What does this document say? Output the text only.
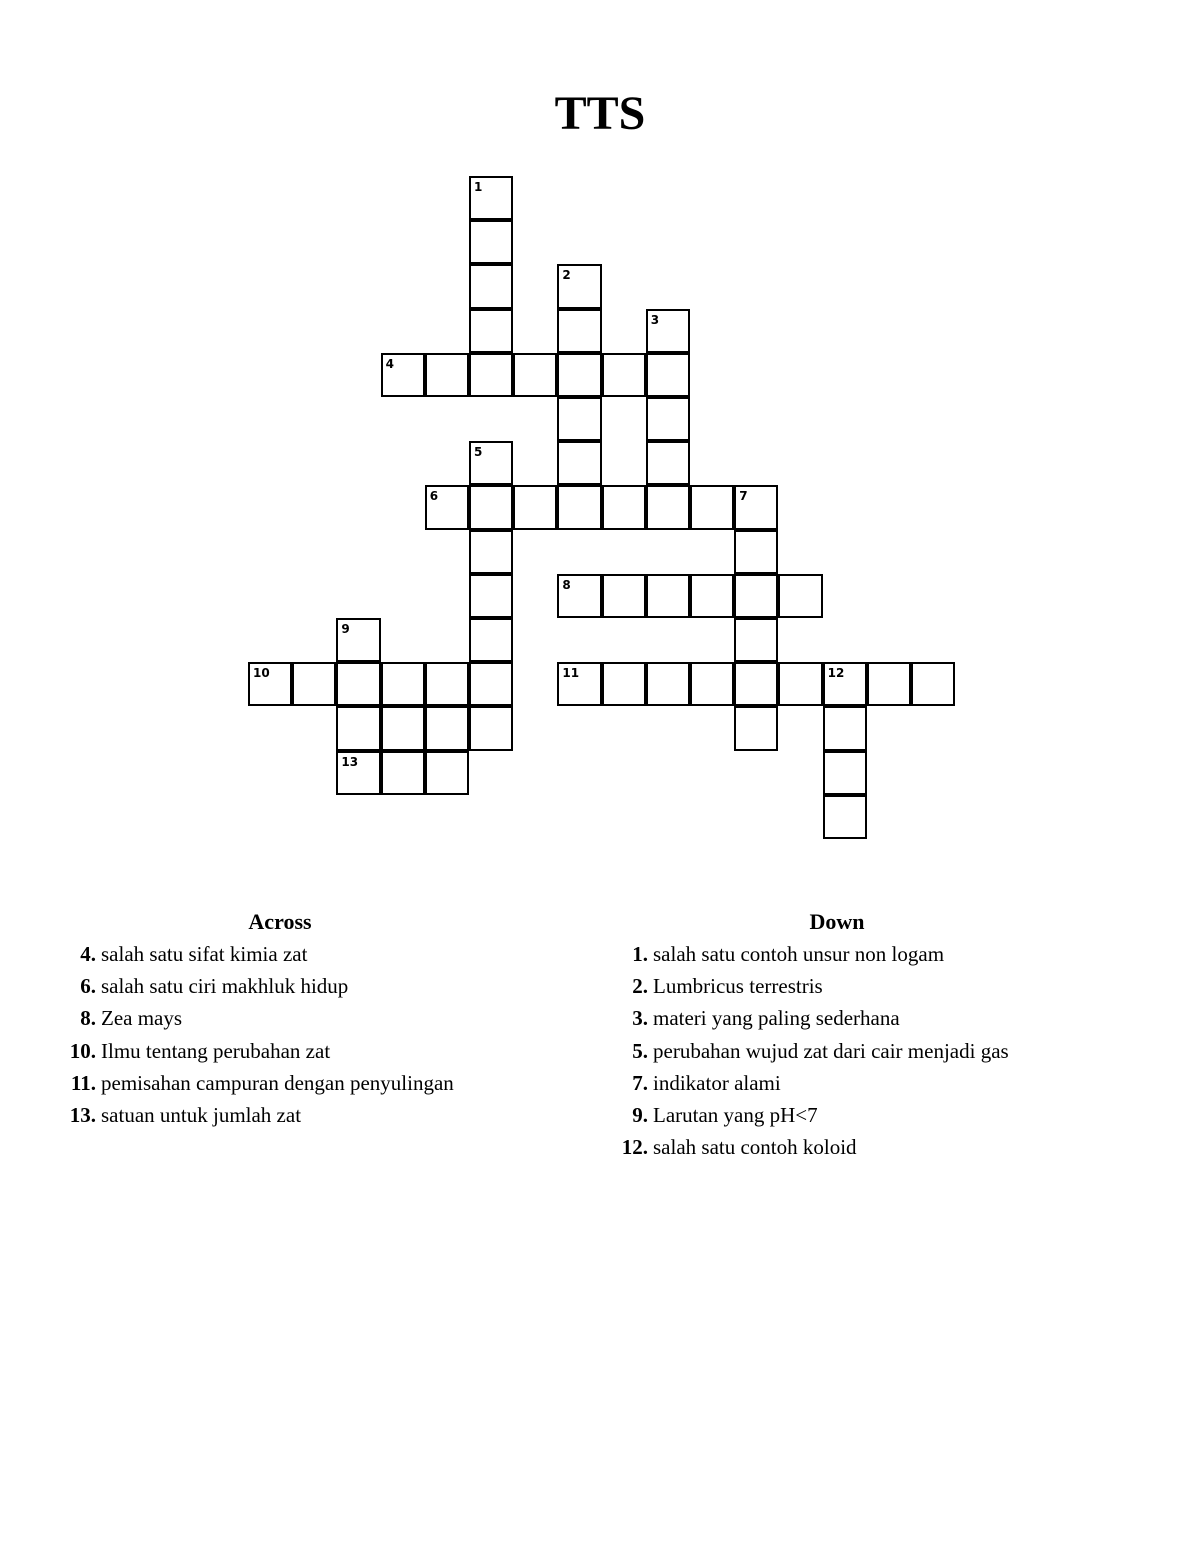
TTS
1
2
3
4
5
6	7
8
9
10	11	12
13
Across
4. salah satu sifat kimia zat
6. salah satu ciri makhluk hidup
8. Zea mays
10. Ilmu tentang perubahan zat
11. pemisahan campuran dengan penyulingan
13. satuan untuk jumlah zat
Down
1. salah satu contoh unsur non logam
2. Lumbricus terrestris
3. materi yang paling sederhana
5. perubahan wujud zat dari cair menjadi gas
7. indikator alami
9. Larutan yang pH<7
12. salah satu contoh koloid
